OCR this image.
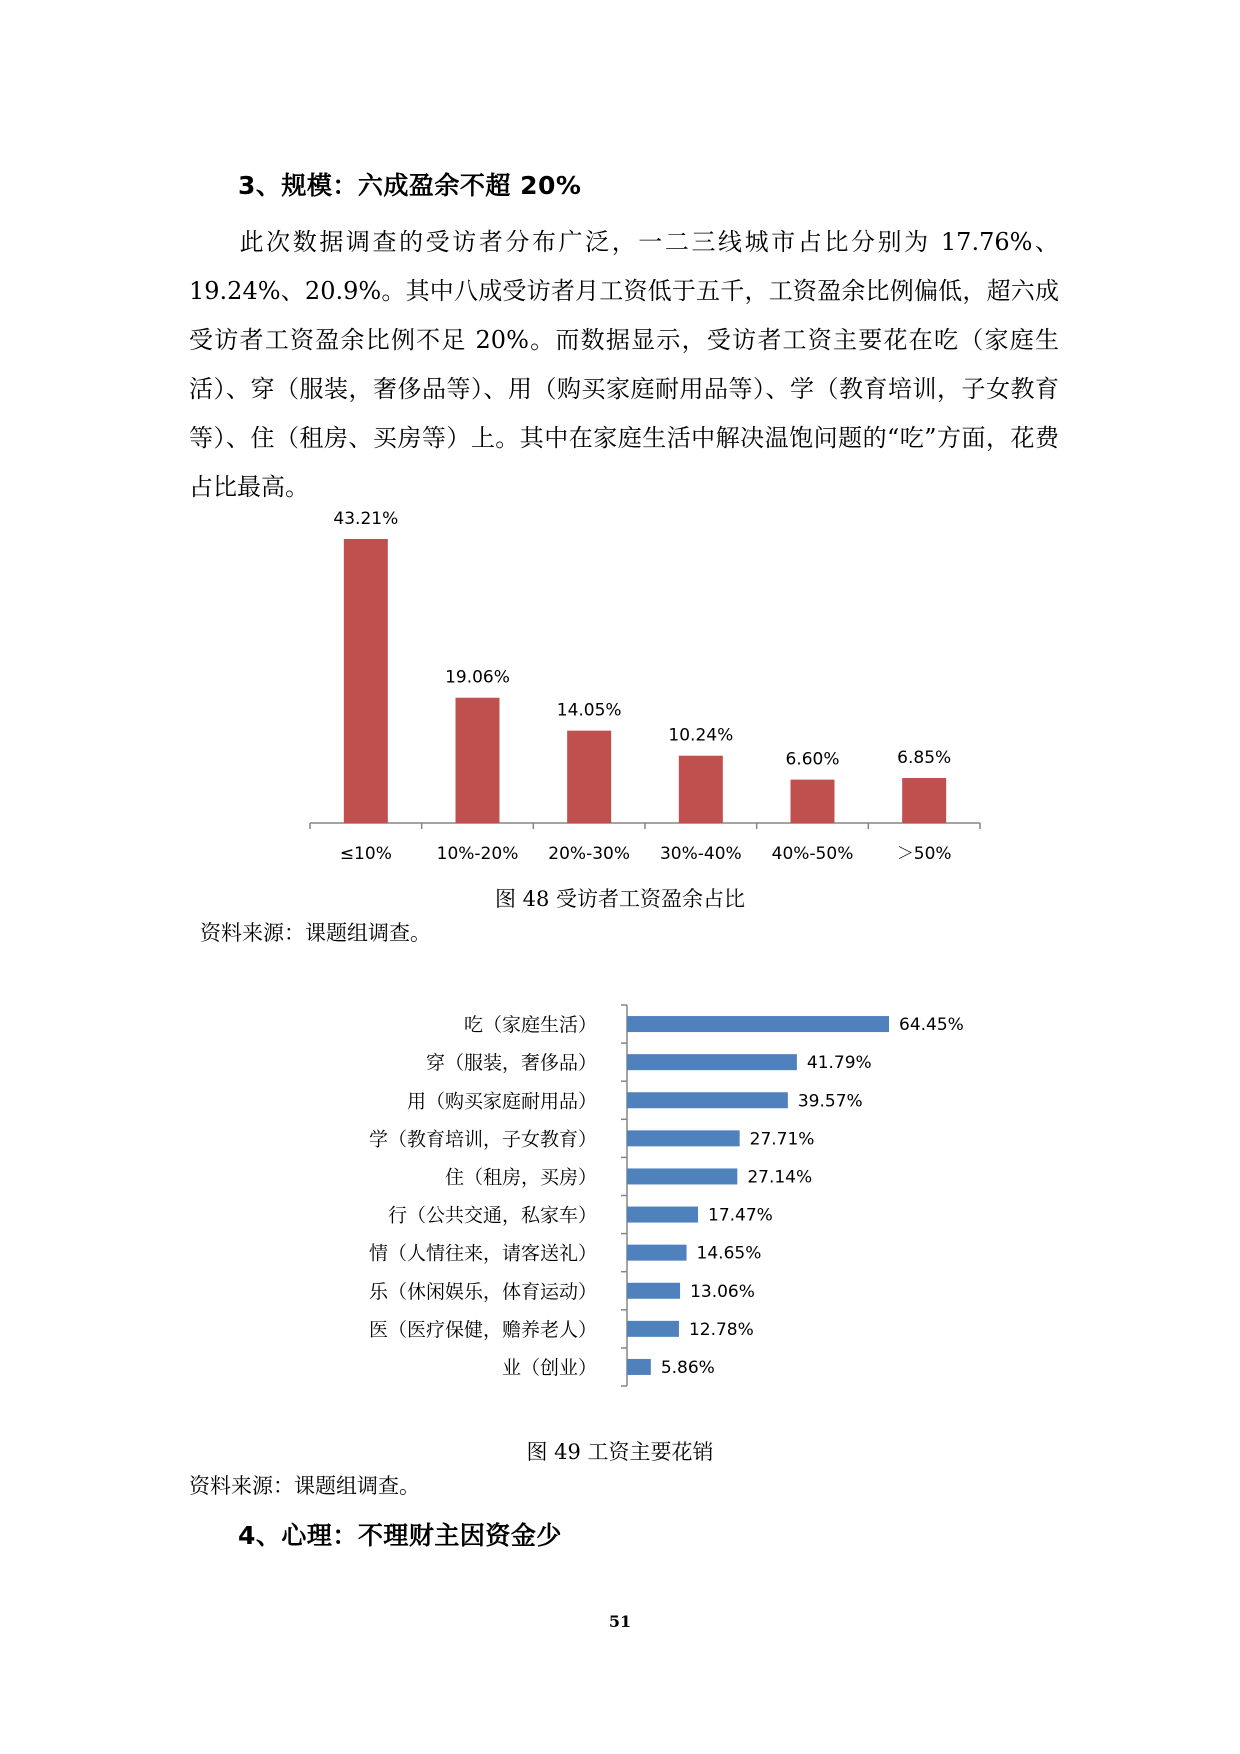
3、规模：六成盈余不超 20%
此次数据调查的受访者分布广泛，一二三线城市占比分别为 17.76%、19.24%、20.9%。其中八成受访者月工资低于五千，工资盈余比例偏低，超六成受访者工资盈余比例不足 20%。而数据显示，受访者工资主要花在吃（家庭生活）、穿（服装，奢侈品等）、用（购买家庭耐用品等）、学（教育培训，子女教育等）、住（租房、买房等）上。其中在家庭生活中解决温饱问题的“吃”方面，花费占比最高。
43.21%
≤10%
19.06%
10%-20%
14.05%
20%-30%
10.24%
30%-40%
6.60%
40%-50%
6.85%
＞50%
64.45%
吃（家庭生活）
41.79%
穿（服装，奢侈品）
39.57%
用（购买家庭耐用品）
27.71%
学（教育培训，子女教育）
27.14%
住（租房，买房）
17.47%
行（公共交通，私家车）
14.65%
情（人情往来，请客送礼）
13.06%
乐（休闲娱乐，体育运动）
12.78%
医（医疗保健，赡养老人）
5.86%
业（创业）
图 48 受访者工资盈余占比
资料来源：课题组调查。
图 49 工资主要花销
资料来源：课题组调查。
4、心理：不理财主因资金少
51
